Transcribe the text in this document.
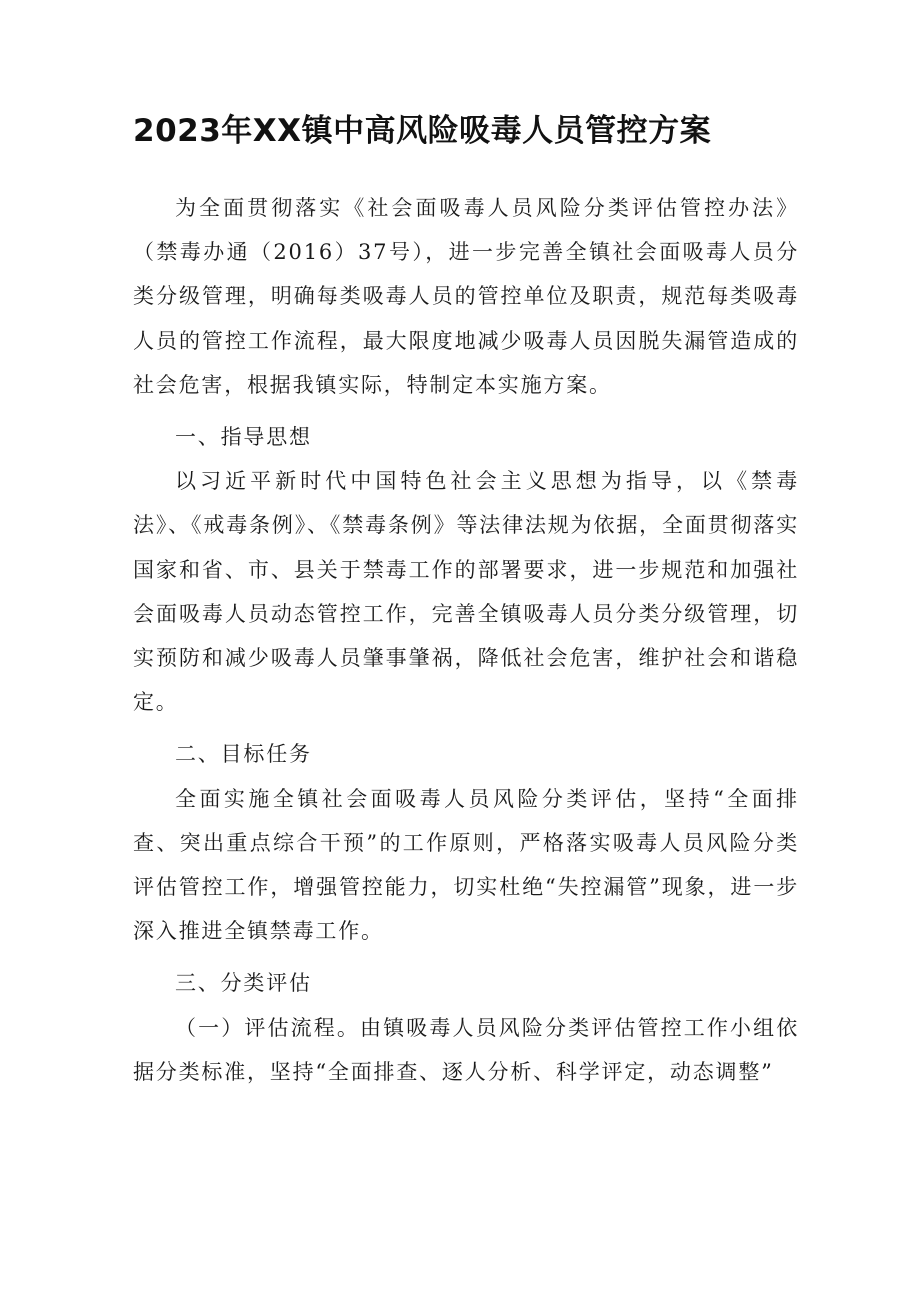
2023年XX镇中高风险吸毒人员管控方案

为全面贯彻落实《社会面吸毒人员风险分类评估管控办法》（禁毒办通（2016）37号），进一步完善全镇社会面吸毒人员分类分级管理，明确每类吸毒人员的管控单位及职责，规范每类吸毒人员的管控工作流程，最大限度地减少吸毒人员因脱失漏管造成的社会危害，根据我镇实际，特制定本实施方案。

一、指导思想

以习近平新时代中国特色社会主义思想为指导，以《禁毒法》、《戒毒条例》、《禁毒条例》等法律法规为依据，全面贯彻落实国家和省、市、县关于禁毒工作的部署要求，进一步规范和加强社会面吸毒人员动态管控工作，完善全镇吸毒人员分类分级管理，切实预防和减少吸毒人员肇事肇祸，降低社会危害，维护社会和谐稳定。

二、目标任务

全面实施全镇社会面吸毒人员风险分类评估，坚持“全面排查、突出重点综合干预”的工作原则，严格落实吸毒人员风险分类评估管控工作，增强管控能力，切实杜绝“失控漏管”现象，进一步深入推进全镇禁毒工作。

三、分类评估

（一）评估流程。由镇吸毒人员风险分类评估管控工作小组依据分类标准，坚持“全面排查、逐人分析、科学评定，动态调整”
